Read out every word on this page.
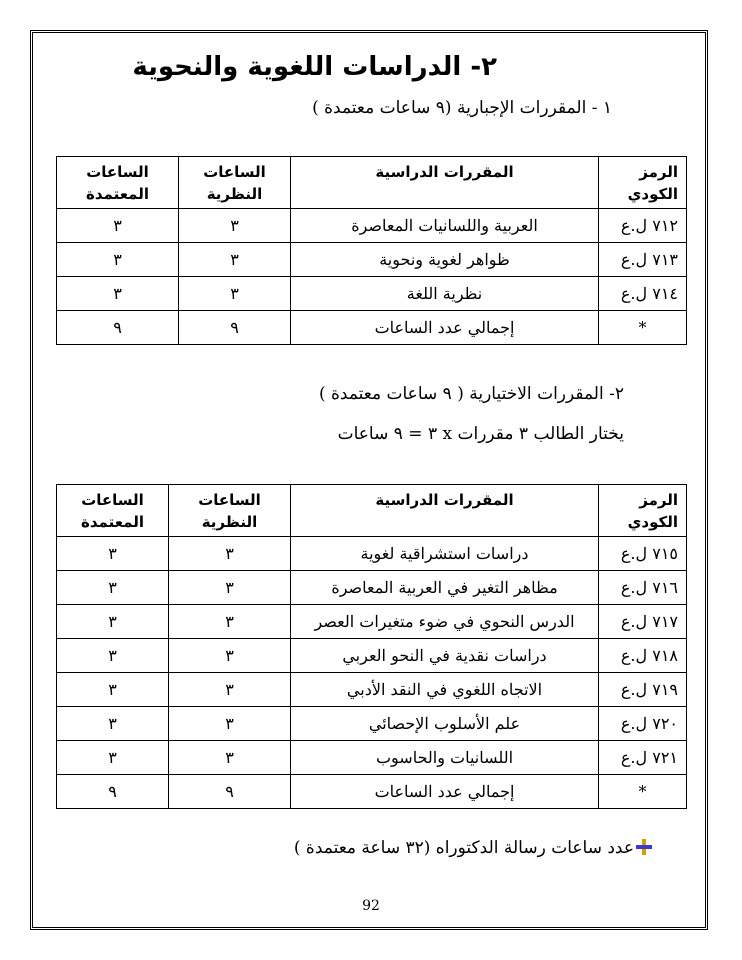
٢- الدراسات اللغوية والنحوية
١ - المقررات الإجبارية (٩ ساعات معتمدة )
الرمز الكودي	المقررات الدراسية	الساعات النظرية	الساعات المعتمدة
٧١٢ ل.ع	العربية واللسانيات المعاصرة	٣	٣
٧١٣ ل.ع	ظواهر لغوية ونحوية	٣	٣
٧١٤ ل.ع	نظرية اللغة	٣	٣
*	إجمالي عدد الساعات	٩	٩
٢- المقررات الاختيارية ( ٩ ساعات معتمدة )
يختار الطالب ٣ مقررات x ٣ = ٩ ساعات
الرمز الكودي	المقررات الدراسية	الساعات النظرية	الساعات المعتمدة
٧١٥ ل.ع	دراسات استشراقية لغوية	٣	٣
٧١٦ ل.ع	مظاهر التغير في العربية المعاصرة	٣	٣
٧١٧ ل.ع	الدرس النحوي في ضوء متغيرات العصر	٣	٣
٧١٨ ل.ع	دراسات نقدية في النحو العربي	٣	٣
٧١٩ ل.ع	الاتجاه اللغوي في النقد الأدبي	٣	٣
٧٢٠ ل.ع	علم الأسلوب الإحصائي	٣	٣
٧٢١ ل.ع	اللسانيات والحاسوب	٣	٣
*	إجمالي عدد الساعات	٩	٩
عدد ساعات رسالة الدكتوراه (٣٢ ساعة معتمدة )
92
